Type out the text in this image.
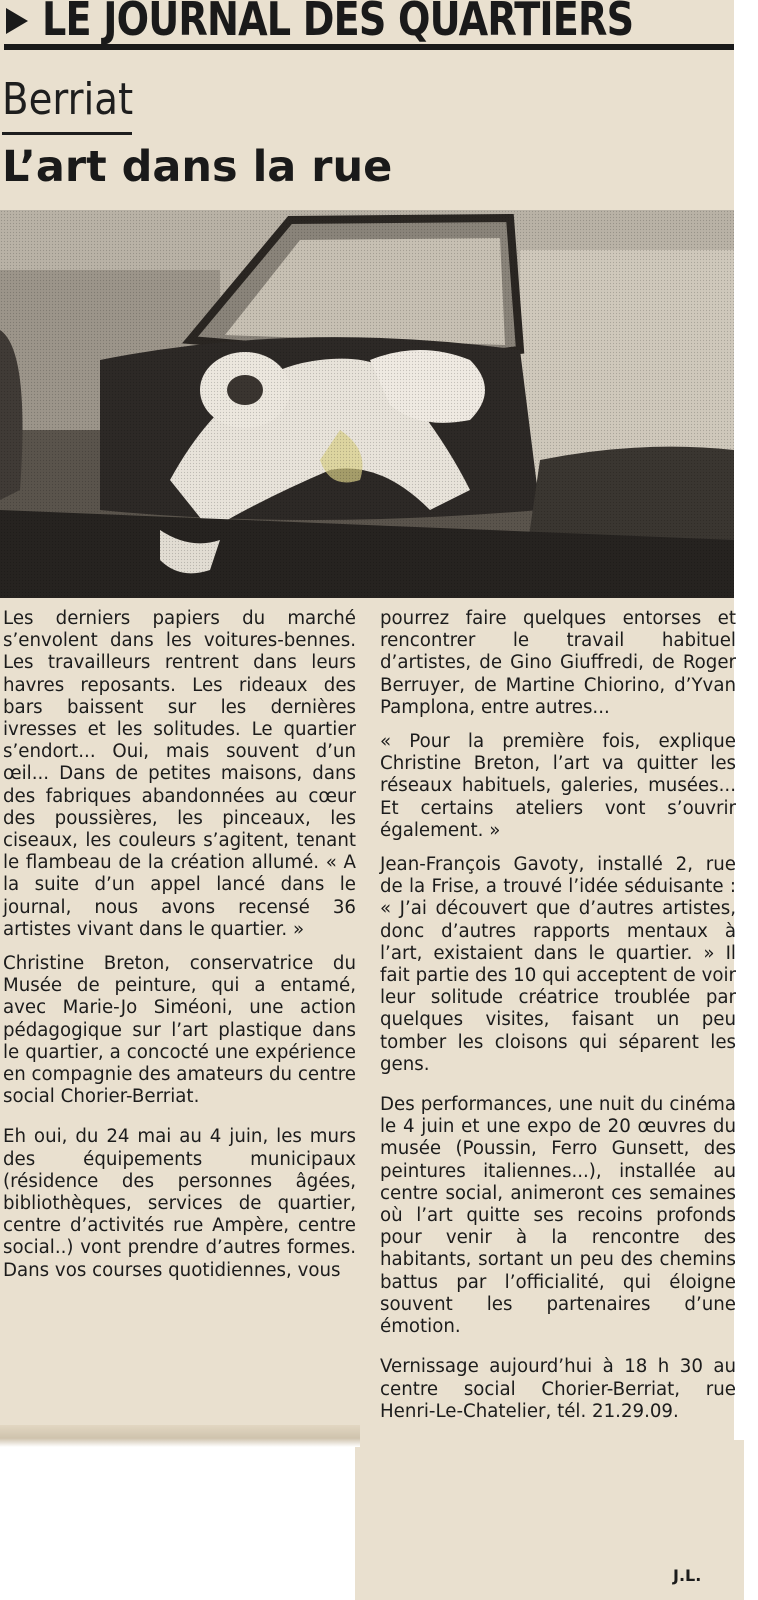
LE JOURNAL DES QUARTIERS
Berriat
L’art dans la rue

Les derniers papiers du marché s’envolent dans les voitures-bennes. Les travailleurs rentrent dans leurs havres reposants. Les rideaux des bars baissent sur les dernières ivresses et les solitudes. Le quartier s’endort... Oui, mais souvent d’un œil... Dans de petites maisons, dans des fabriques abandonnées au cœur des poussières, les pinceaux, les ciseaux, les couleurs s’agitent, tenant le flambeau de la création allumé. « A la suite d’un appel lancé dans le journal, nous avons recensé 36 artistes vivant dans le quartier. »

Christine Breton, conservatrice du Musée de peinture, qui a entamé, avec Marie-Jo Siméoni, une action pédagogique sur l’art plastique dans le quartier, a concocté une expérience en compagnie des amateurs du centre social Chorier-Berriat.

Eh oui, du 24 mai au 4 juin, les murs des équipements municipaux (résidence des personnes âgées, bibliothèques, services de quartier, centre d’activités rue Ampère, centre social..) vont prendre d’autres formes. Dans vos courses quotidiennes, vous

pourrez faire quelques entorses et rencontrer le travail habituel d’artistes, de Gino Giuffredi, de Roger Berruyer, de Martine Chiorino, d’Yvan Pamplona, entre autres...

« Pour la première fois, explique Christine Breton, l’art va quitter les réseaux habituels, galeries, musées... Et certains ateliers vont s’ouvrir également. »

Jean-François Gavoty, installé 2, rue de la Frise, a trouvé l’idée séduisante : « J’ai découvert que d’autres artistes, donc d’autres rapports mentaux à l’art, existaient dans le quartier. » Il fait partie des 10 qui acceptent de voir leur solitude créatrice troublée par quelques visites, faisant un peu tomber les cloisons qui séparent les gens.

Des performances, une nuit du cinéma le 4 juin et une expo de 20 œuvres du musée (Poussin, Ferro Gunsett, des peintures italiennes...), installée au centre social, animeront ces semaines où l’art quitte ses recoins profonds pour venir à la rencontre des habitants, sortant un peu des chemins battus par l’officialité, qui éloigne souvent les partenaires d’une émotion.

Vernissage aujourd’hui à 18 h 30 au centre social Chorier-Berriat, rue Henri-Le-Chatelier, tél. 21.29.09.

J.L.
